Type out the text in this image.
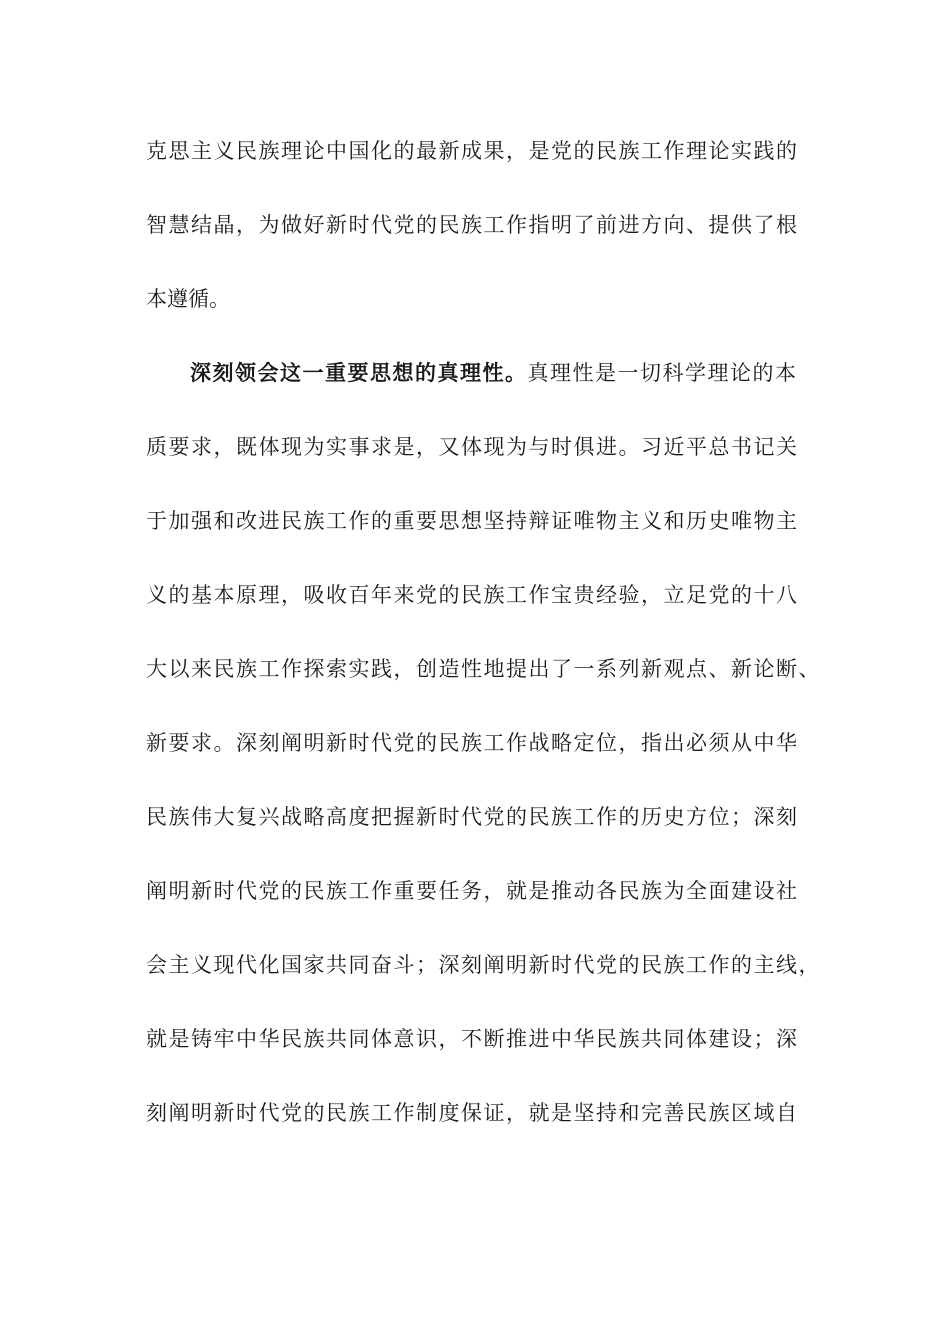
克思主义民族理论中国化的最新成果，是党的民族工作理论实践的
智慧结晶，为做好新时代党的民族工作指明了前进方向、提供了根
本遵循。
深刻领会这一重要思想的真理性。真理性是一切科学理论的本
质要求，既体现为实事求是，又体现为与时俱进。习近平总书记关
于加强和改进民族工作的重要思想坚持辩证唯物主义和历史唯物主
义的基本原理，吸收百年来党的民族工作宝贵经验，立足党的十八
大以来民族工作探索实践，创造性地提出了一系列新观点、新论断、
新要求。深刻阐明新时代党的民族工作战略定位，指出必须从中华
民族伟大复兴战略高度把握新时代党的民族工作的历史方位；深刻
阐明新时代党的民族工作重要任务，就是推动各民族为全面建设社
会主义现代化国家共同奋斗；深刻阐明新时代党的民族工作的主线，
就是铸牢中华民族共同体意识，不断推进中华民族共同体建设；深
刻阐明新时代党的民族工作制度保证，就是坚持和完善民族区域自
